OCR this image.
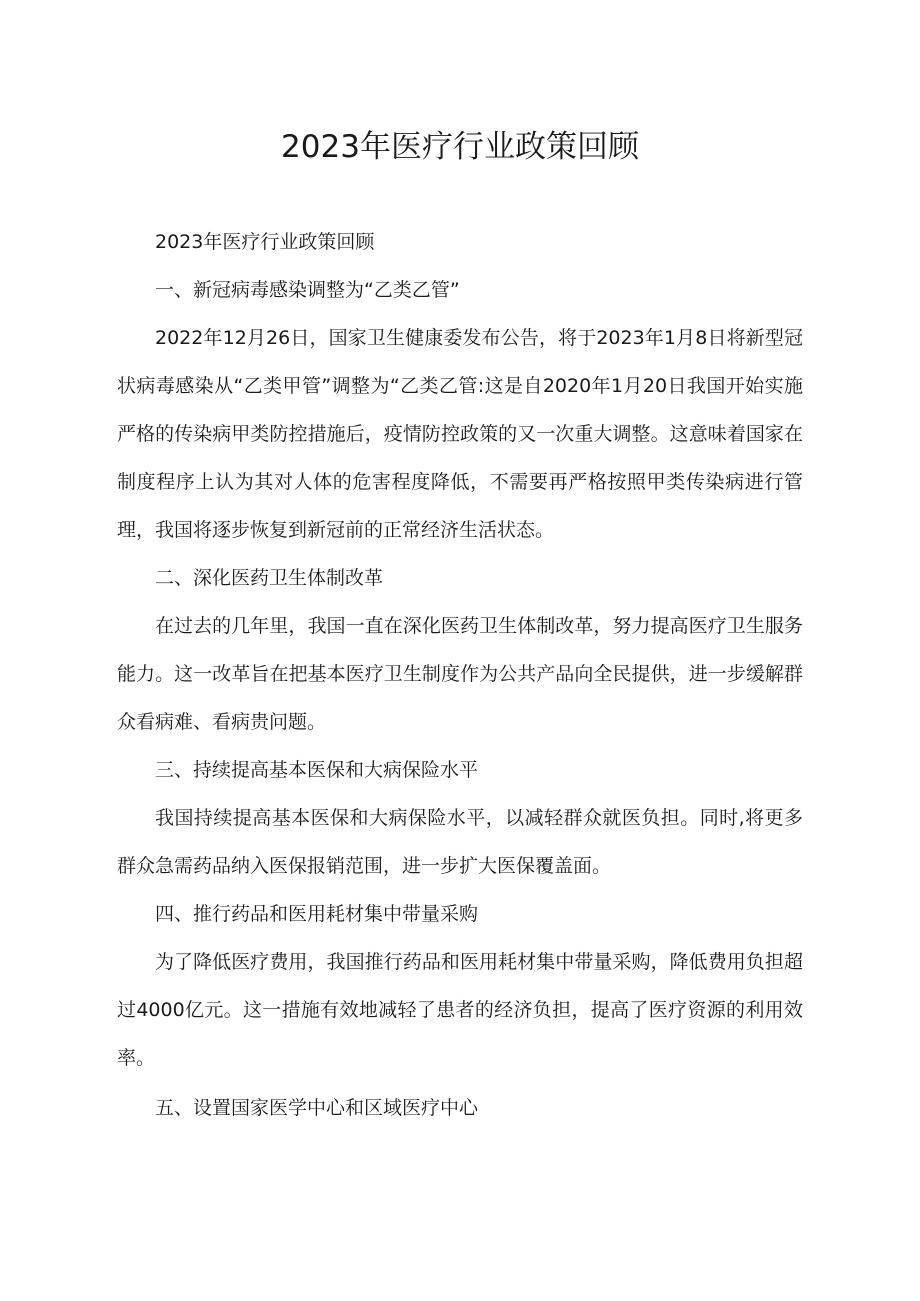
2023年医疗行业政策回顾

2023年医疗行业政策回顾

一、新冠病毒感染调整为“乙类乙管”

2022年12月26日，国家卫生健康委发布公告，将于2023年1月8日将新型冠状病毒感染从“乙类甲管”调整为“乙类乙管:这是自2020年1月20日我国开始实施严格的传染病甲类防控措施后，疫情防控政策的又一次重大调整。这意味着国家在制度程序上认为其对人体的危害程度降低，不需要再严格按照甲类传染病进行管理，我国将逐步恢复到新冠前的正常经济生活状态。

二、深化医药卫生体制改革

在过去的几年里，我国一直在深化医药卫生体制改革，努力提高医疗卫生服务能力。这一改革旨在把基本医疗卫生制度作为公共产品向全民提供，进一步缓解群众看病难、看病贵问题。

三、持续提高基本医保和大病保险水平

我国持续提高基本医保和大病保险水平，以减轻群众就医负担。同时,将更多群众急需药品纳入医保报销范围，进一步扩大医保覆盖面。

四、推行药品和医用耗材集中带量采购

为了降低医疗费用，我国推行药品和医用耗材集中带量采购，降低费用负担超过4000亿元。这一措施有效地减轻了患者的经济负担，提高了医疗资源的利用效率。

五、设置国家医学中心和区域医疗中心
